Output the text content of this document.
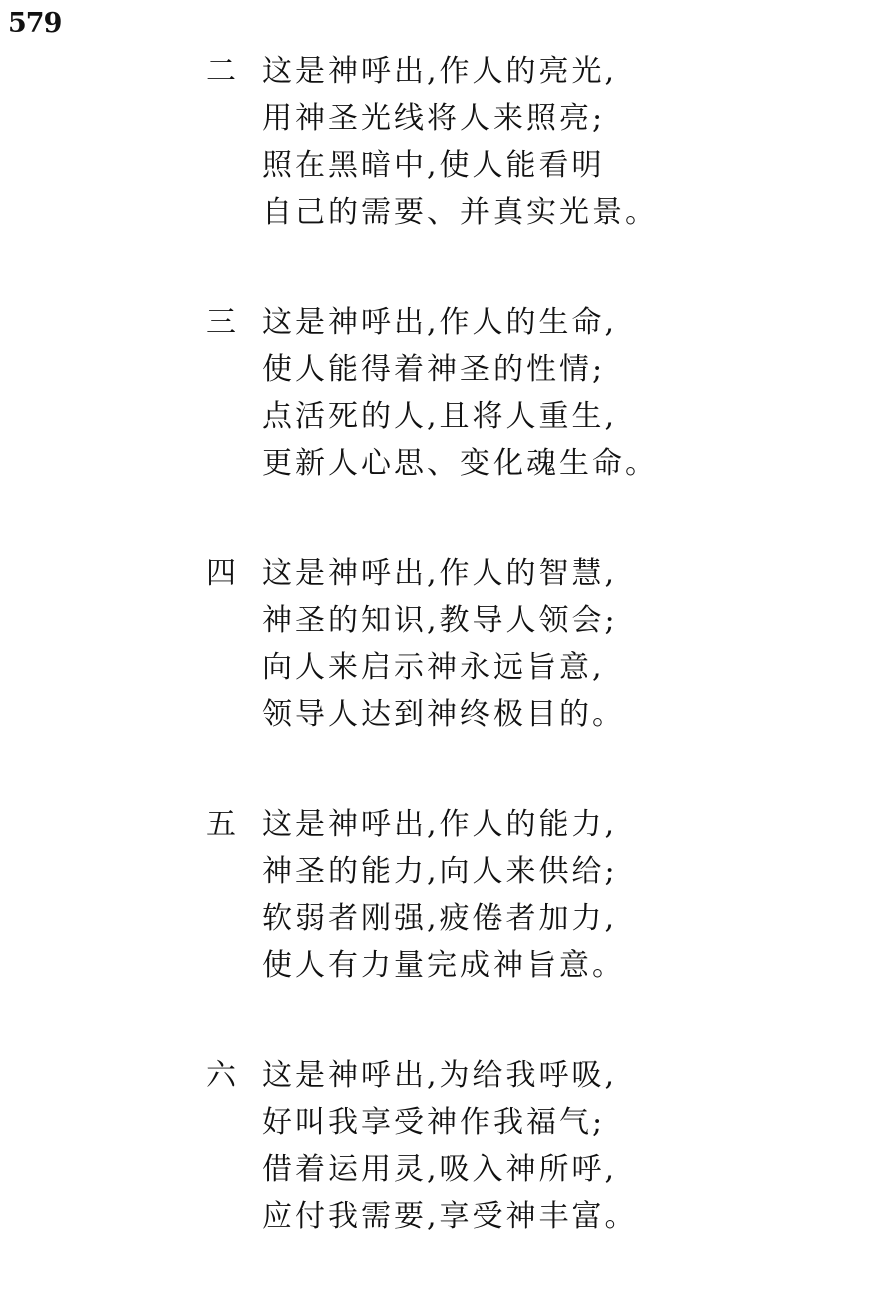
579
二 这是神呼出,作人的亮光,
用神圣光线将人来照亮;
照在黑暗中,使人能看明
自己的需要、并真实光景。
三 这是神呼出,作人的生命,
使人能得着神圣的性情;
点活死的人,且将人重生,
更新人心思、变化魂生命。
四 这是神呼出,作人的智慧,
神圣的知识,教导人领会;
向人来启示神永远旨意,
领导人达到神终极目的。
五 这是神呼出,作人的能力,
神圣的能力,向人来供给;
软弱者刚强,疲倦者加力,
使人有力量完成神旨意。
六 这是神呼出,为给我呼吸,
好叫我享受神作我福气;
借着运用灵,吸入神所呼,
应付我需要,享受神丰富。
